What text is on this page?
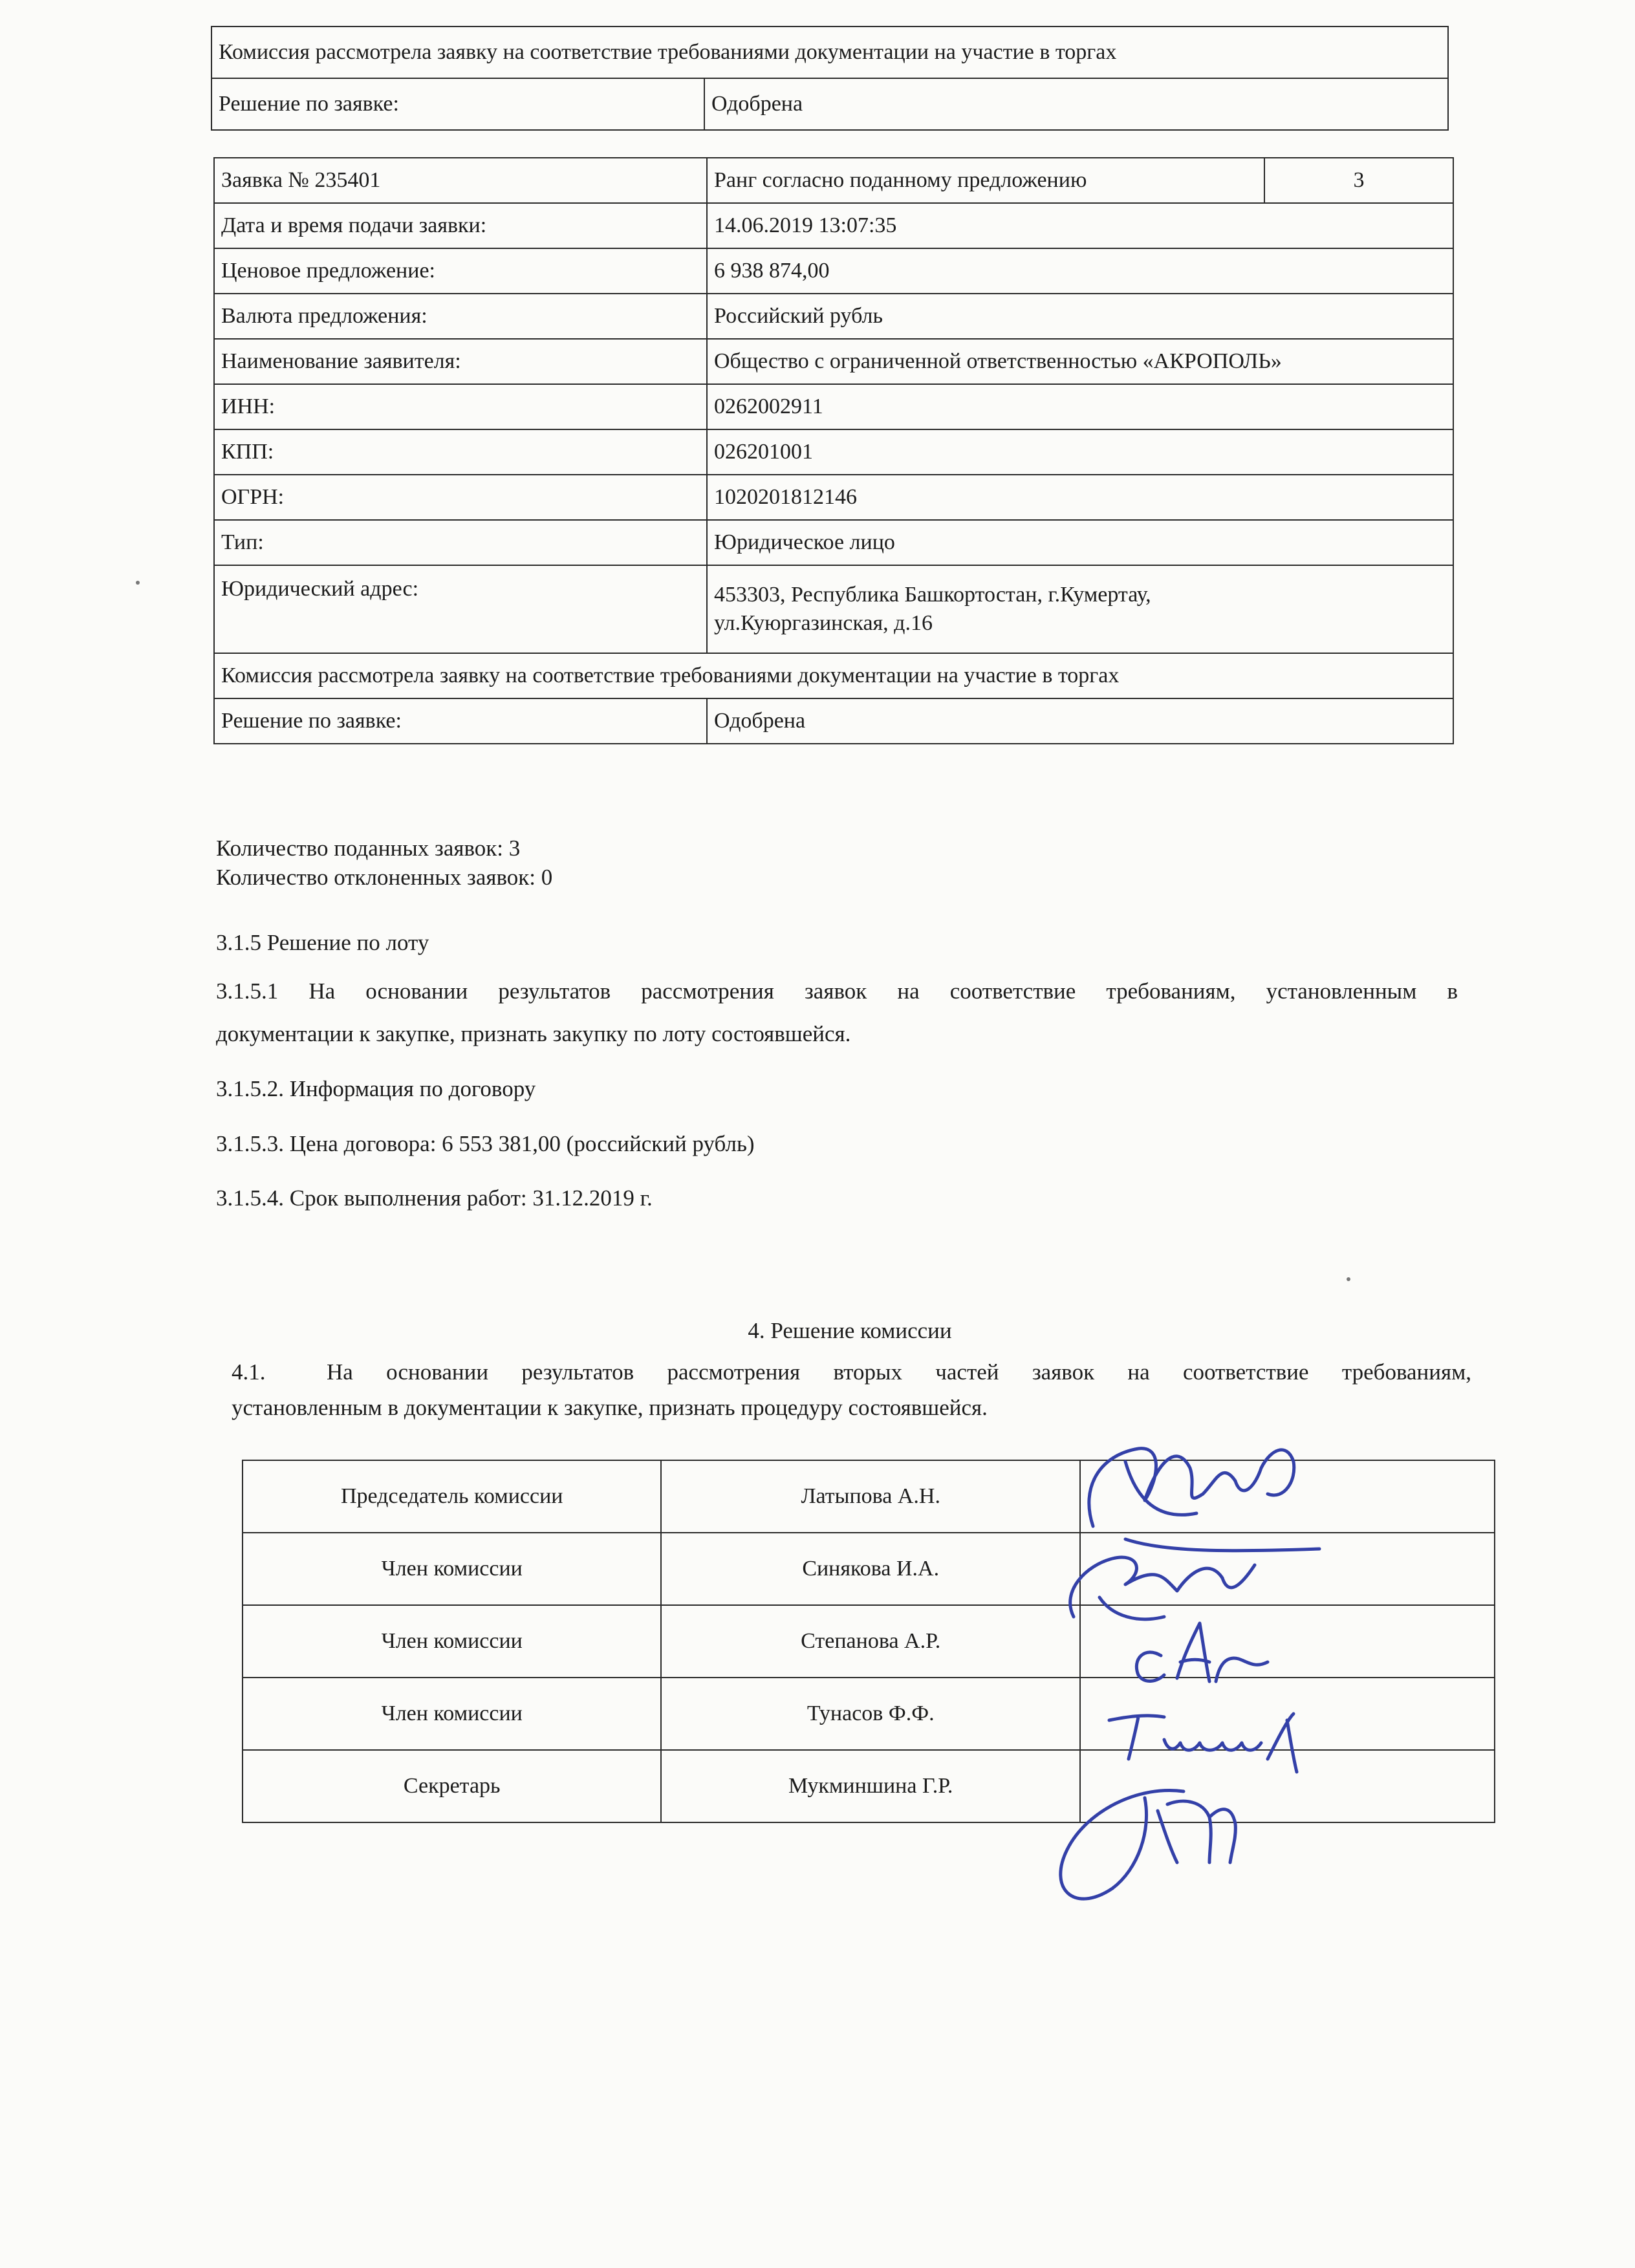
Комиссия рассмотрела заявку на соответствие требованиями документации на участие в торгах
Решение по заявке:	Одобрена
Заявка № 235401	Ранг согласно поданному предложению	3
Дата и время подачи заявки:	14.06.2019 13:07:35	
Ценовое предложение:	6 938 874,00	
Валюта предложения:	Российский рубль	
Наименование заявителя:	Общество с ограниченной ответственностью «АКРОПОЛЬ»	
ИНН:	0262002911	
КПП:	026201001	
ОГРН:	1020201812146	
Тип:	Юридическое лицо	
Юридический адрес:	453303, Республика Башкортостан, г.Кумертау,
ул.Куюргазинская, д.16	

Комиссия рассмотрела заявку на соответствие требованиями документации на участие в торгах		
Решение по заявке:	Одобрена	
Количество поданных заявок: 3
Количество отклоненных заявок: 0
3.1.5 Решение по лоту
3.1.5.1 На основании результатов рассмотрения заявок на соответствие требованиям, установленным в
документации к закупке, признать закупку по лоту состоявшейся.
3.1.5.2. Информация по договору
3.1.5.3. Цена договора: 6 553 381,00 (российский рубль)
3.1.5.4. Срок выполнения работ: 31.12.2019 г.
4. Решение комиссии
4.1.	На основании результатов рассмотрения вторых частей заявок на соответствие требованиям,
установленным в документации к закупке, признать процедуру состоявшейся.
Председатель комиссии	Латыпова А.Н.	
Член комиссии	Синякова И.А.	
Член комиссии	Степанова А.Р.	
Член комиссии	Тунасов Ф.Ф.	
Секретарь	Мукминшина Г.Р.	
